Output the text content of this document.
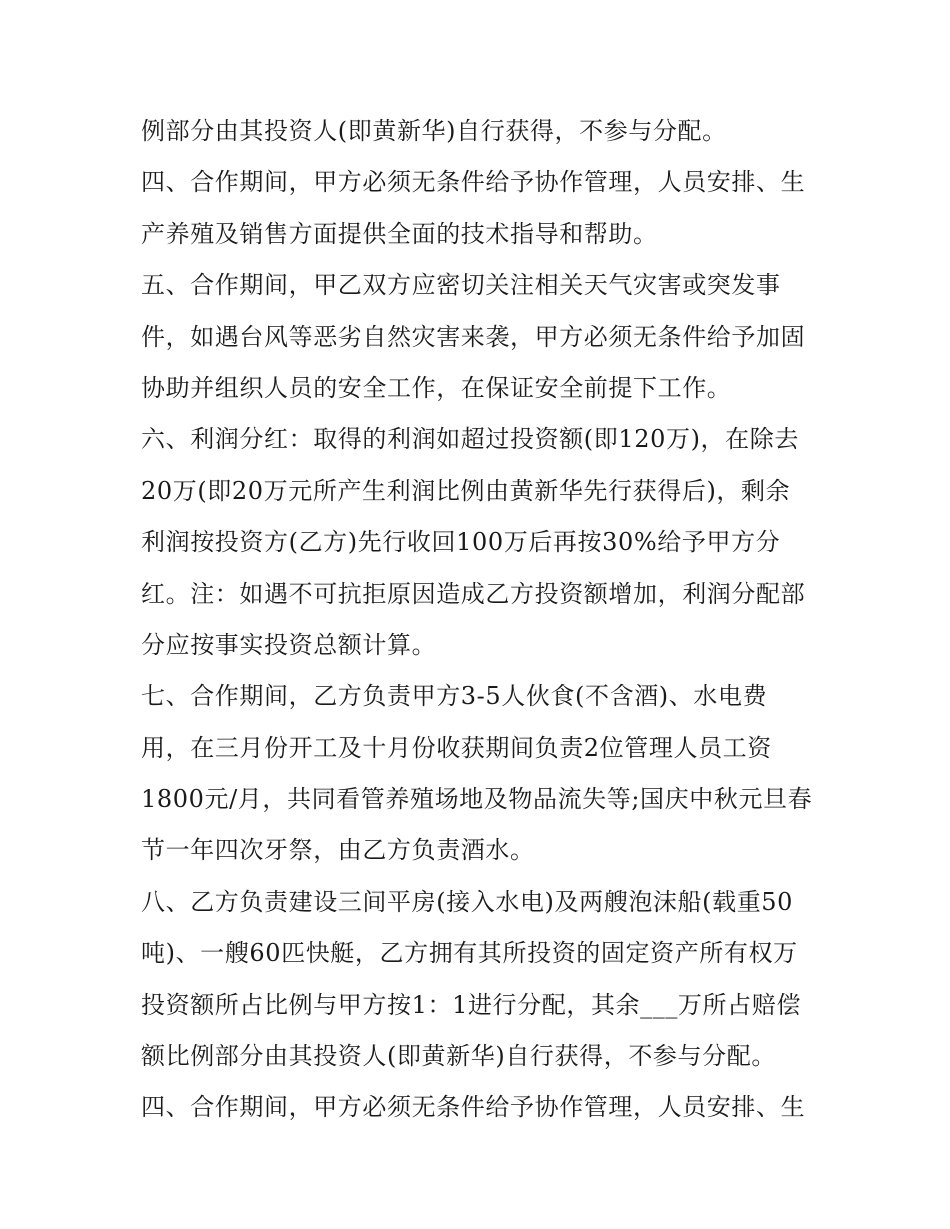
例部分由其投资人(即黄新华)自行获得，不参与分配。
四、合作期间，甲方必须无条件给予协作管理，人员安排、生
产养殖及销售方面提供全面的技术指导和帮助。
五、合作期间，甲乙双方应密切关注相关天气灾害或突发事
件，如遇台风等恶劣自然灾害来袭，甲方必须无条件给予加固
协助并组织人员的安全工作，在保证安全前提下工作。
六、利润分红：取得的利润如超过投资额(即120万)，在除去
20万(即20万元所产生利润比例由黄新华先行获得后)，剩余
利润按投资方(乙方)先行收回100万后再按30%给予甲方分
红。注：如遇不可抗拒原因造成乙方投资额增加，利润分配部
分应按事实投资总额计算。
七、合作期间，乙方负责甲方3-5人伙食(不含酒)、水电费
用，在三月份开工及十月份收获期间负责2位管理人员工资
1800元/月，共同看管养殖场地及物品流失等;国庆中秋元旦春
节一年四次牙祭，由乙方负责酒水。
八、乙方负责建设三间平房(接入水电)及两艘泡沫船(载重50
吨)、一艘60匹快艇，乙方拥有其所投资的固定资产所有权万
投资额所占比例与甲方按1：1进行分配，其余___万所占赔偿
额比例部分由其投资人(即黄新华)自行获得，不参与分配。
四、合作期间，甲方必须无条件给予协作管理，人员安排、生
